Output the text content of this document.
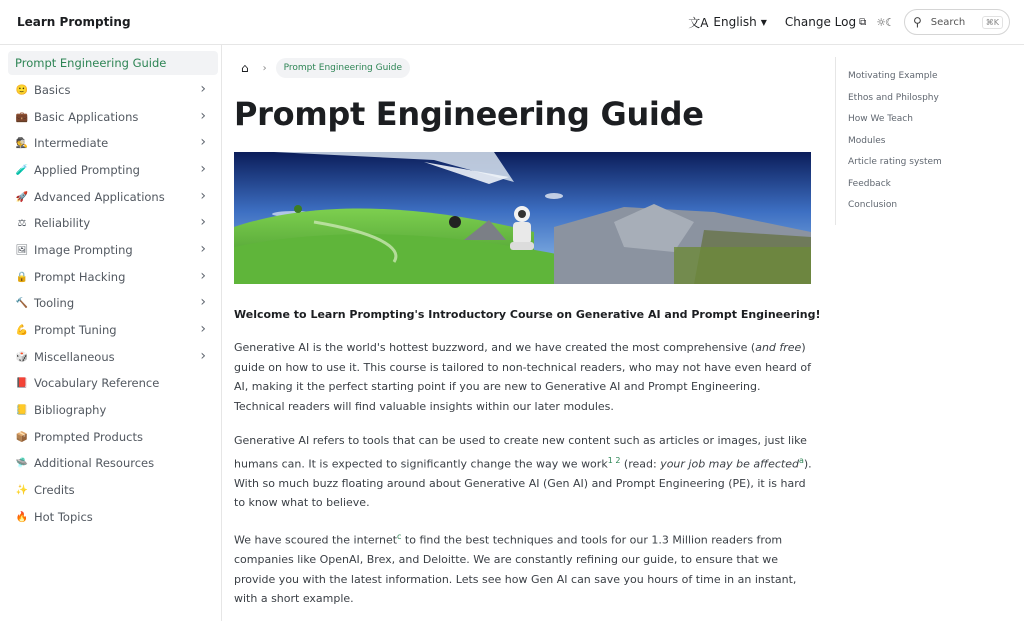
Learn Prompting	文A English ▼ Change Log ⧉ ☼☾ ⚲ Search	⌘K
Prompt Engineering Guide
🙂 Basics	›
💼 Basic Applications	›
🕵 Intermediate	›
🧪 Applied Prompting	›
🚀 Advanced Applications	›
⚖ Reliability	›
🖼 Image Prompting	›
🔒 Prompt Hacking	›
🔨 Tooling	›
💪 Prompt Tuning	›
🎲 Miscellaneous	›
📕 Vocabulary Reference
📒 Bibliography
📦 Prompted Products
🛸 Additional Resources
✨ Credits
🔥 Hot Topics
⌂ ›	Prompt Engineering Guide
Prompt Engineering Guide
Welcome to Learn Prompting's Introductory Course on Generative AI and Prompt Engineering!

Generative AI is the world's hottest buzzword, and we have created the most comprehensive (and free) guide on how to use it. This course is tailored to non-technical readers, who may not have even heard of AI, making it the perfect starting point if you are new to Generative AI and Prompt Engineering. Technical readers will find valuable insights within our later modules.

Generative AI refers to tools that can be used to create new content such as articles or images, just like humans can. It is expected to significantly change the way we work$^{1 2}$ (read: your job may be affected$^a$). With so much buzz floating around about Generative AI (Gen AI) and Prompt Engineering (PE), it is hard to know what to believe.

We have scoured the internet$^c$ to find the best techniques and tools for our 1.3 Million readers from companies like OpenAI, Brex, and Deloitte. We are constantly refining our guide, to ensure that we provide you with the latest information. Lets see how Gen AI can save you hours of time in an instant, with a short example.

Motivating Example
Ethos and Philosphy
How We Teach
Modules
Article rating system
Feedback
Conclusion
